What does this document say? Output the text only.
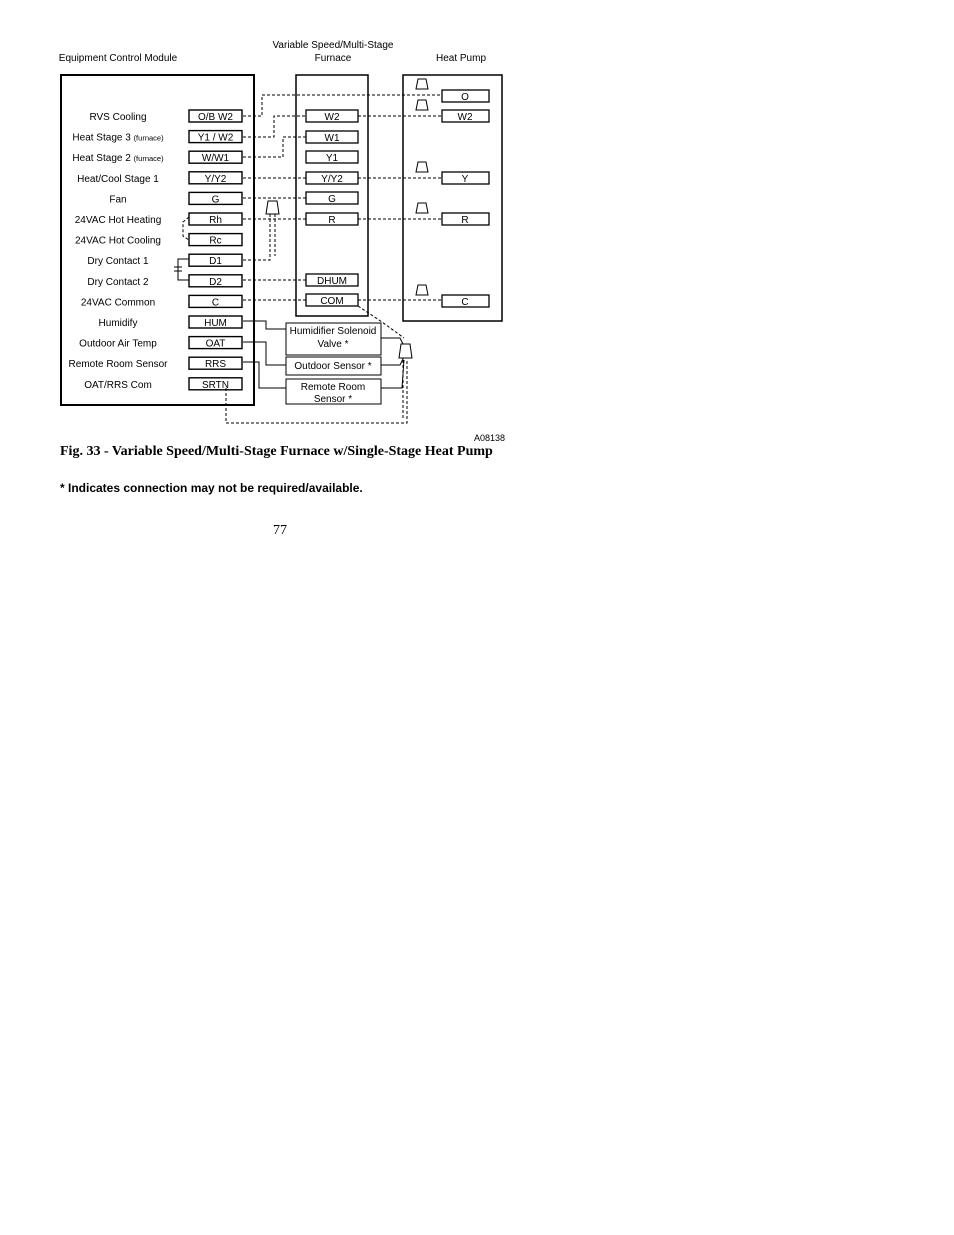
Equipment Control Module
Variable Speed/Multi-Stage
Furnace	Heat Pump
RVS Cooling	O/B W2
Heat Stage 3 (furnace)	Y1 / W2
Heat Stage 2 (furnace)	W/W1
Heat/Cool Stage 1	Y/Y2
Fan	G
24VAC Hot Heating	Rh
24VAC Hot Cooling	Rc
Dry Contact 1	D1
Dry Contact 2	D2
24VAC Common	C
Humidify	HUM
Outdoor Air Temp	OAT
Remote Room Sensor	RRS
OAT/RRS Com	SRTN
W2
W1
Y1
Y/Y2
G
R
DHUM
COM
O
W2
Y
R
C
Humidifier Solenoid
Valve *
Outdoor Sensor *
Remote Room
Sensor *
A08138
Fig. 33 - Variable Speed/Multi-Stage Furnace w/Single-Stage Heat Pump
* Indicates connection may not be required/available.
77
